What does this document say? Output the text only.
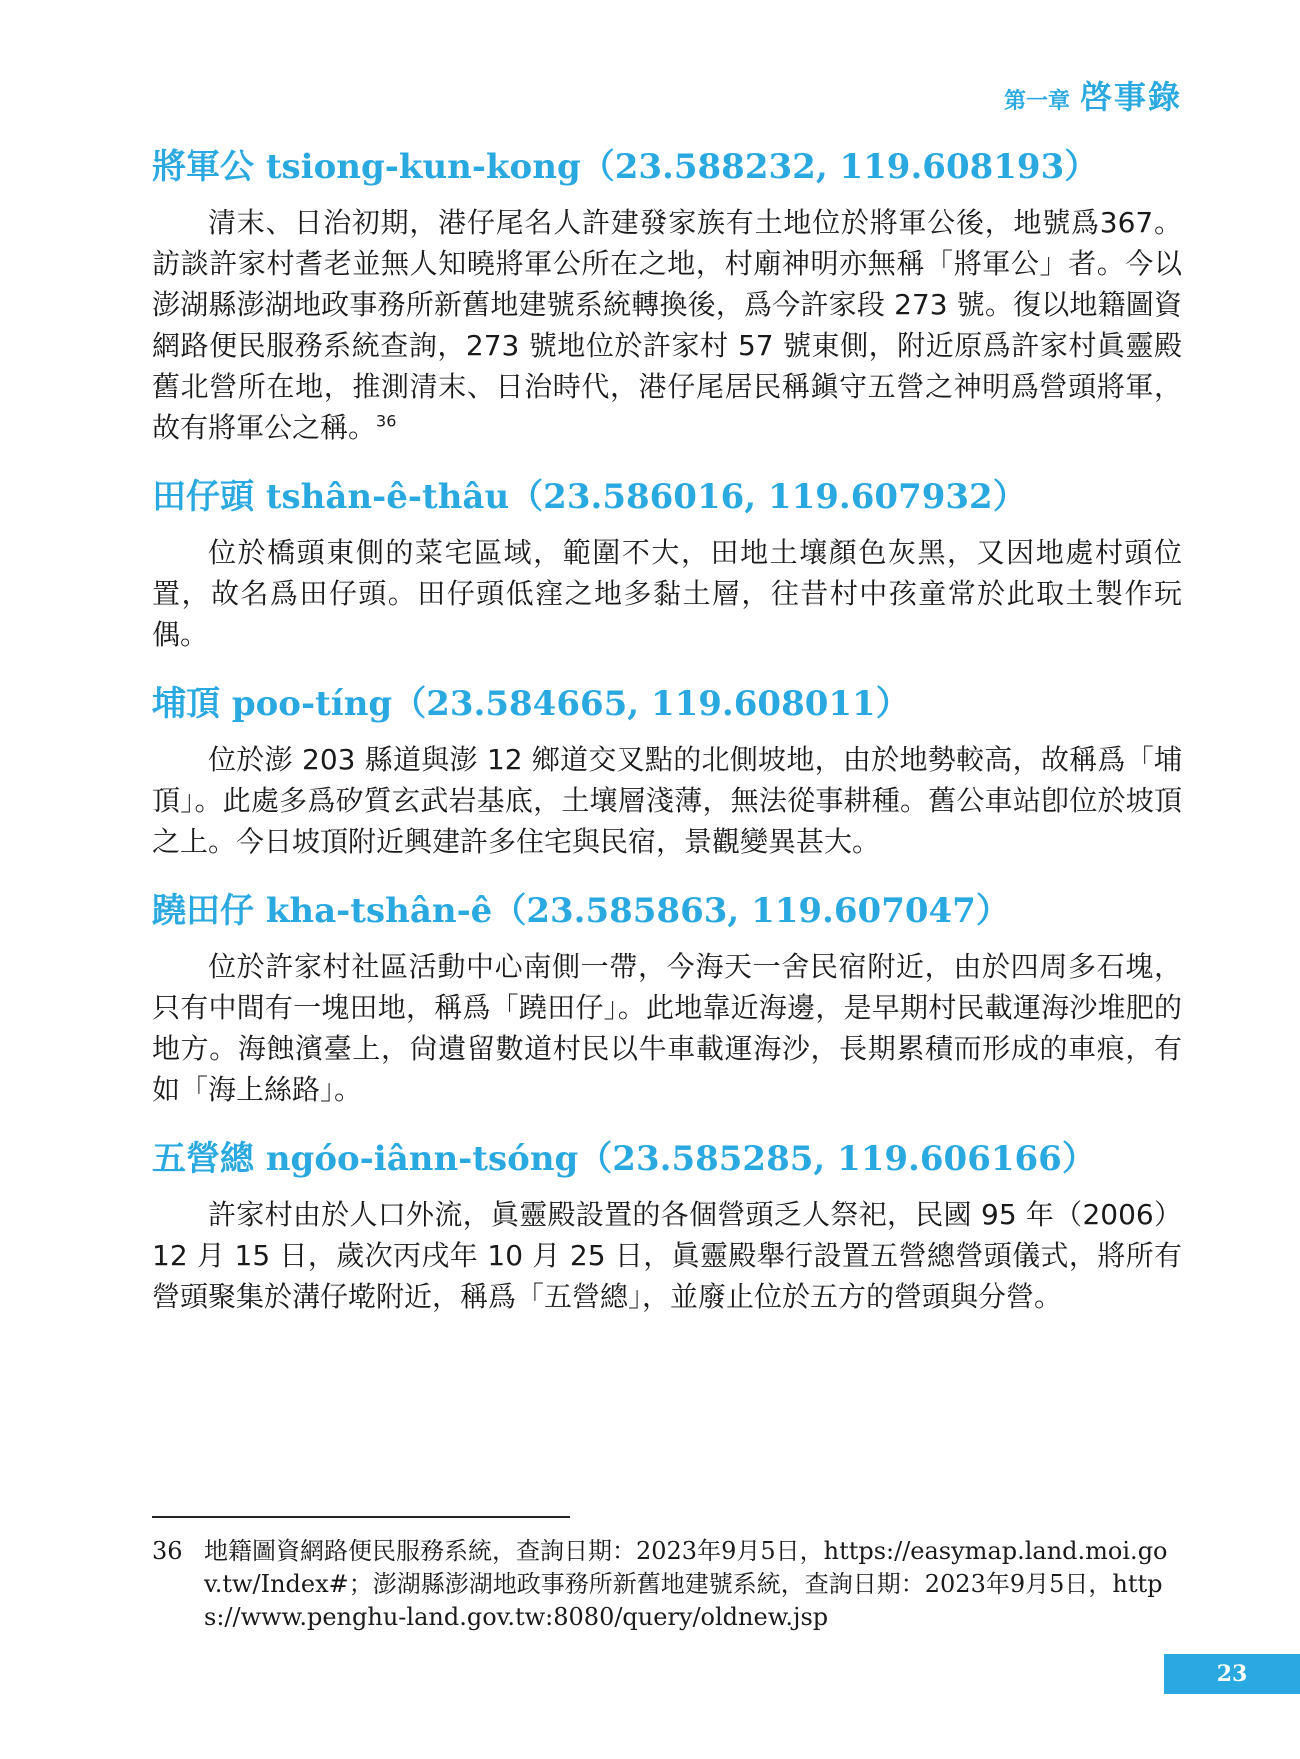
第一章 啓事錄
將軍公 tsiong-kun-kong（23.588232, 119.608193）

清末、日治初期，港仔尾名人許建發家族有土地位於將軍公後，地號爲367。訪談許家村耆老並無人知曉將軍公所在之地，村廟神明亦無稱「將軍公」者。今以澎湖縣澎湖地政事務所新舊地建號系統轉換後，爲今許家段 273 號。復以地籍圖資網路便民服務系統查詢，273 號地位於許家村 57 號東側，附近原爲許家村眞靈殿舊北營所在地，推測清末、日治時代，港仔尾居民稱鎭守五營之神明爲營頭將軍，故有將軍公之稱。$^{36}$

田仔頭 tshân-ê-thâu（23.586016, 119.607932）

位於橋頭東側的菜宅區域，範圍不大，田地土壤顏色灰黑，又因地處村頭位置，故名爲田仔頭。田仔頭低窪之地多黏土層，往昔村中孩童常於此取土製作玩偶。

埔頂 poo-tíng（23.584665, 119.608011）

位於澎 203 縣道與澎 12 鄉道交叉點的北側坡地，由於地勢較高，故稱爲「埔頂」。此處多爲矽質玄武岩基底，土壤層淺薄，無法從事耕種。舊公車站卽位於坡頂之上。今日坡頂附近興建許多住宅與民宿，景觀變異甚大。

蹺田仔 kha-tshân-ê（23.585863, 119.607047）

位於許家村社區活動中心南側一帶，今海天一舍民宿附近，由於四周多石塊，只有中間有一塊田地，稱爲「蹺田仔」。此地靠近海邊，是早期村民載運海沙堆肥的地方。海蝕濱臺上，尙遺留數道村民以牛車載運海沙，長期累積而形成的車痕，有如「海上絲路」。

五營總 ngóo-iânn-tsóng（23.585285, 119.606166）

許家村由於人口外流，眞靈殿設置的各個營頭乏人祭祀，民國 95 年（2006）12 月 15 日，歲次丙戌年 10 月 25 日，眞靈殿舉行設置五營總營頭儀式，將所有營頭聚集於溝仔墘附近，稱爲「五營總」，並廢止位於五方的營頭與分營。

36 地籍圖資網路便民服務系統，查詢日期：2023年9月5日，https://easymap.land.moi.gov.tw/Index#；澎湖縣澎湖地政事務所新舊地建號系統，查詢日期：2023年9月5日，https://www.penghu-land.gov.tw:8080/query/oldnew.jsp
23
